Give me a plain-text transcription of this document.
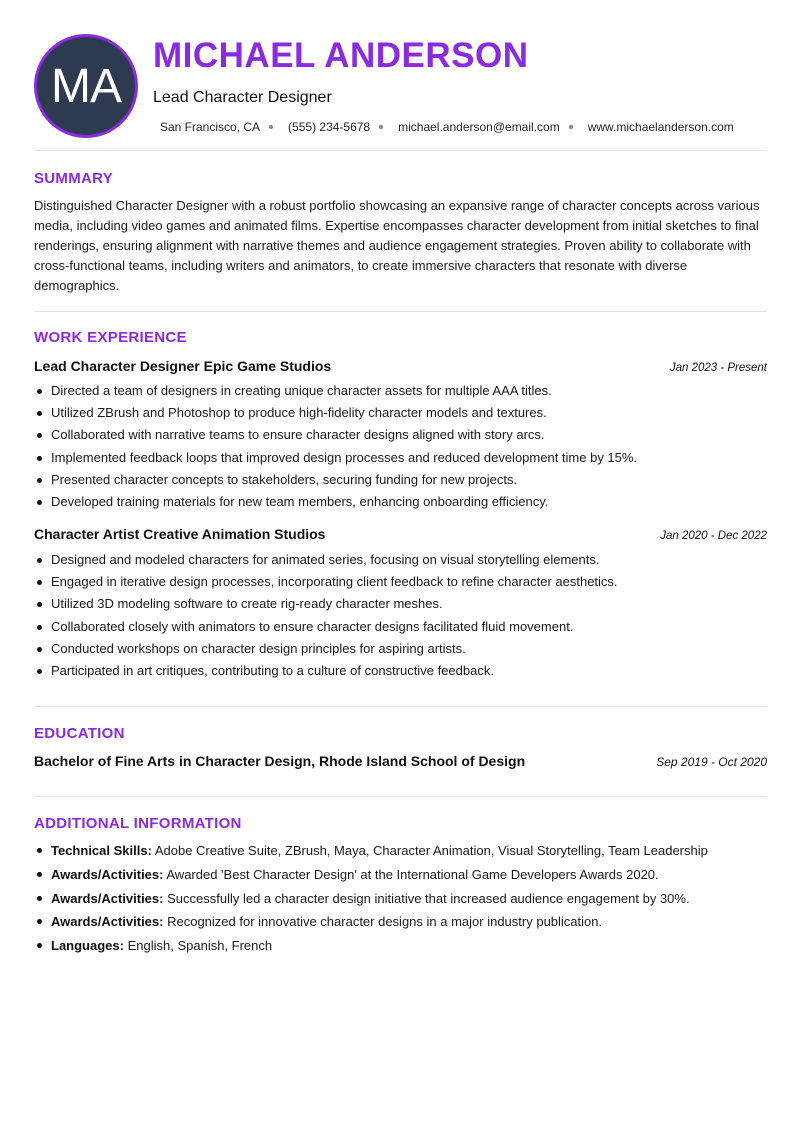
MA
MICHAEL ANDERSON
Lead Character Designer
San Francisco, CA (555) 234-5678 michael.anderson@email.com www.michaelanderson.com
SUMMARY

Distinguished Character Designer with a robust portfolio showcasing an expansive range of character concepts across various media, including video games and animated films. Expertise encompasses character development from initial sketches to final renderings, ensuring alignment with narrative themes and audience engagement strategies. Proven ability to collaborate with cross-functional teams, including writers and animators, to create immersive characters that resonate with diverse demographics.

WORK EXPERIENCE
Lead Character Designer Epic Game Studios	Jan 2023 - Present
Directed a team of designers in creating unique character assets for multiple AAA titles.
Utilized ZBrush and Photoshop to produce high-fidelity character models and textures.
Collaborated with narrative teams to ensure character designs aligned with story arcs.
Implemented feedback loops that improved design processes and reduced development time by 15%.
Presented character concepts to stakeholders, securing funding for new projects.
Developed training materials for new team members, enhancing onboarding efficiency.
Character Artist Creative Animation Studios	Jan 2020 - Dec 2022
Designed and modeled characters for animated series, focusing on visual storytelling elements.
Engaged in iterative design processes, incorporating client feedback to refine character aesthetics.
Utilized 3D modeling software to create rig-ready character meshes.
Collaborated closely with animators to ensure character designs facilitated fluid movement.
Conducted workshops on character design principles for aspiring artists.
Participated in art critiques, contributing to a culture of constructive feedback.
EDUCATION
Bachelor of Fine Arts in Character Design, Rhode Island School of Design	Sep 2019 - Oct 2020
ADDITIONAL INFORMATION
Technical Skills: Adobe Creative Suite, ZBrush, Maya, Character Animation, Visual Storytelling, Team Leadership
Awards/Activities: Awarded 'Best Character Design' at the International Game Developers Awards 2020.
Awards/Activities: Successfully led a character design initiative that increased audience engagement by 30%.
Awards/Activities: Recognized for innovative character designs in a major industry publication.
Languages: English, Spanish, French
